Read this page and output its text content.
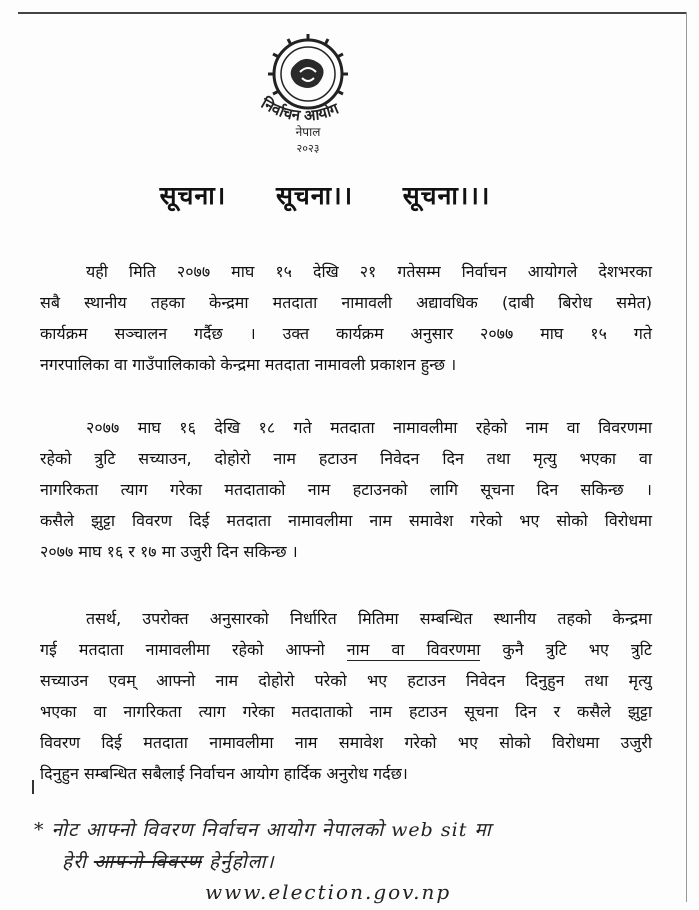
निर्वाचन आयोग
नेपाल
२०२३
सूचना। सूचना।। सूचना।।।
यही मिति २०७७ माघ १५ देखि २१ गतेसम्म निर्वाचन आयोगले देशभरका
सबै स्थानीय तहका केन्द्रमा मतदाता नामावली अद्यावधिक (दाबी बिरोध समेत)
कार्यक्रम सञ्चालन गर्दैछ । उक्त कार्यक्रम अनुसार २०७७ माघ १५ गते
नगरपालिका वा गाउँपालिकाको केन्द्रमा मतदाता नामावली प्रकाशन हुन्छ ।
२०७७ माघ १६ देखि १८ गते मतदाता नामावलीमा रहेको नाम वा विवरणमा
रहेको त्रुटि सच्याउन, दोहोरो नाम हटाउन निवेदन दिन तथा मृत्यु भएका वा
नागरिकता त्याग गरेका मतदाताको नाम हटाउनको लागि सूचना दिन सकिन्छ ।
कसैले झुट्टा विवरण दिई मतदाता नामावलीमा नाम समावेश गरेको भए सोको विरोधमा
२०७७ माघ १६ र १७ मा उजुरी दिन सकिन्छ ।
तसर्थ, उपरोक्त अनुसारको निर्धारित मितिमा सम्बन्धित स्थानीय तहको केन्द्रमा
गई मतदाता नामावलीमा रहेको आफ्नो नाम वा विवरणमा कुनै त्रुटि भए त्रुटि
सच्याउन एवम् आफ्नो नाम दोहोरो परेको भए हटाउन निवेदन दिनुहुन तथा मृत्यु
भएका वा नागरिकता त्याग गरेका मतदाताको नाम हटाउन सूचना दिन र कसैले झुट्टा
विवरण दिई मतदाता नामावलीमा नाम समावेश गरेको भए सोको विरोधमा उजुरी
दिनुहुन सम्बन्धित सबैलाई निर्वाचन आयोग हार्दिक अनुरोध गर्दछ।
* नोट आफ्नो विवरण निर्वाचन आयोग नेपालको web sit मा
हेरी आफ्नो विवरण हेर्नुहोला।
www.election.gov.np
